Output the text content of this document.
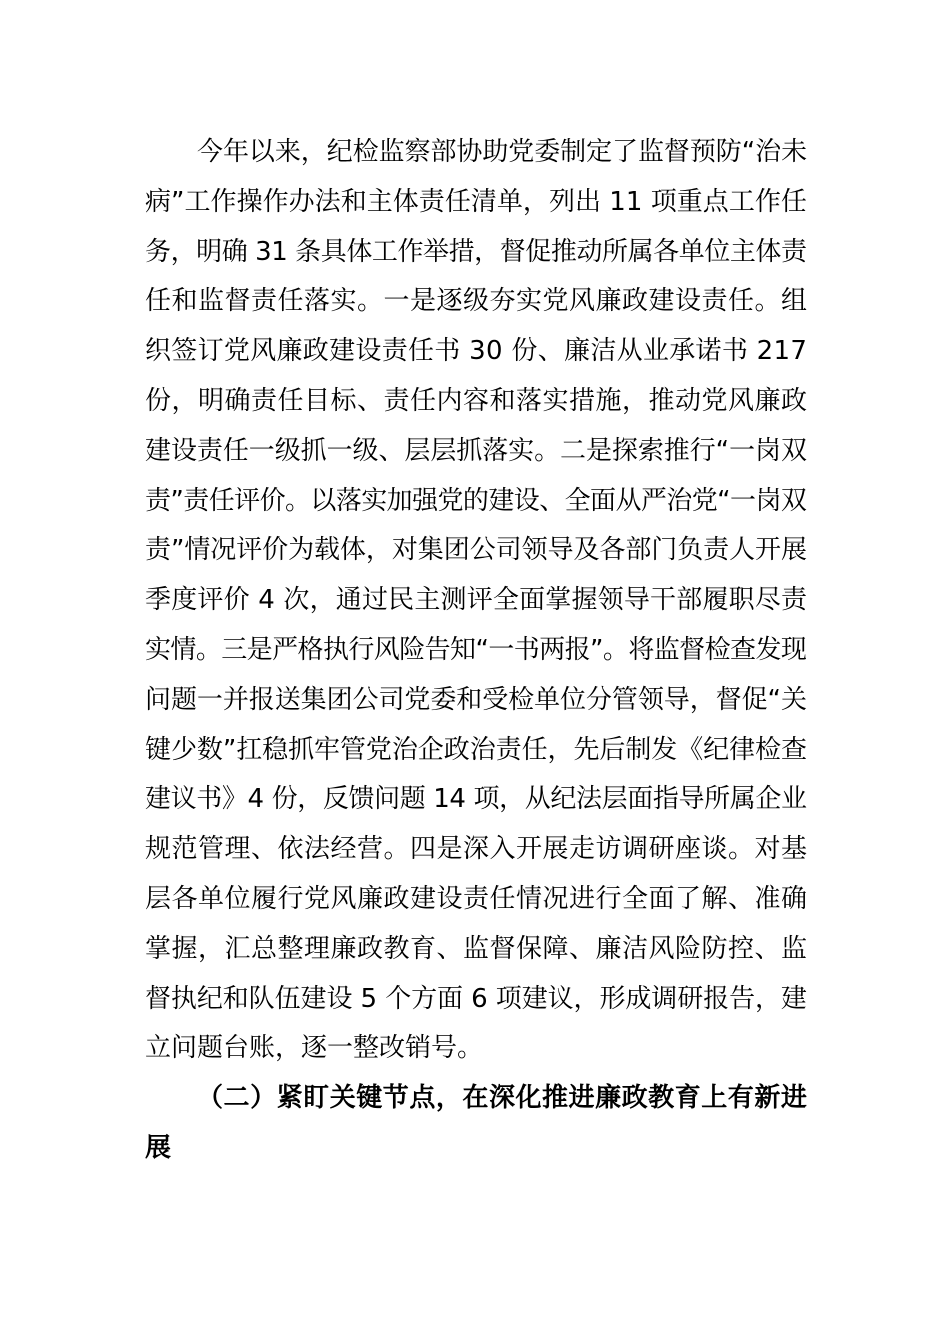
今年以来，纪检监察部协助党委制定了监督预防“治未
病”工作操作办法和主体责任清单，列出 11 项重点工作任
务，明确 31 条具体工作举措，督促推动所属各单位主体责
任和监督责任落实。一是逐级夯实党风廉政建设责任。组
织签订党风廉政建设责任书 30 份、廉洁从业承诺书 217
份，明确责任目标、责任内容和落实措施，推动党风廉政
建设责任一级抓一级、层层抓落实。二是探索推行“一岗双
责”责任评价。以落实加强党的建设、全面从严治党“一岗双
责”情况评价为载体，对集团公司领导及各部门负责人开展
季度评价 4 次，通过民主测评全面掌握领导干部履职尽责
实情。三是严格执行风险告知“一书两报”。将监督检查发现
问题一并报送集团公司党委和受检单位分管领导，督促“关
键少数”扛稳抓牢管党治企政治责任，先后制发《纪律检查
建议书》4 份，反馈问题 14 项，从纪法层面指导所属企业
规范管理、依法经营。四是深入开展走访调研座谈。对基
层各单位履行党风廉政建设责任情况进行全面了解、准确
掌握，汇总整理廉政教育、监督保障、廉洁风险防控、监
督执纪和队伍建设 5 个方面 6 项建议，形成调研报告，建
立问题台账，逐一整改销号。
（二）紧盯关键节点，在深化推进廉政教育上有新进
展
